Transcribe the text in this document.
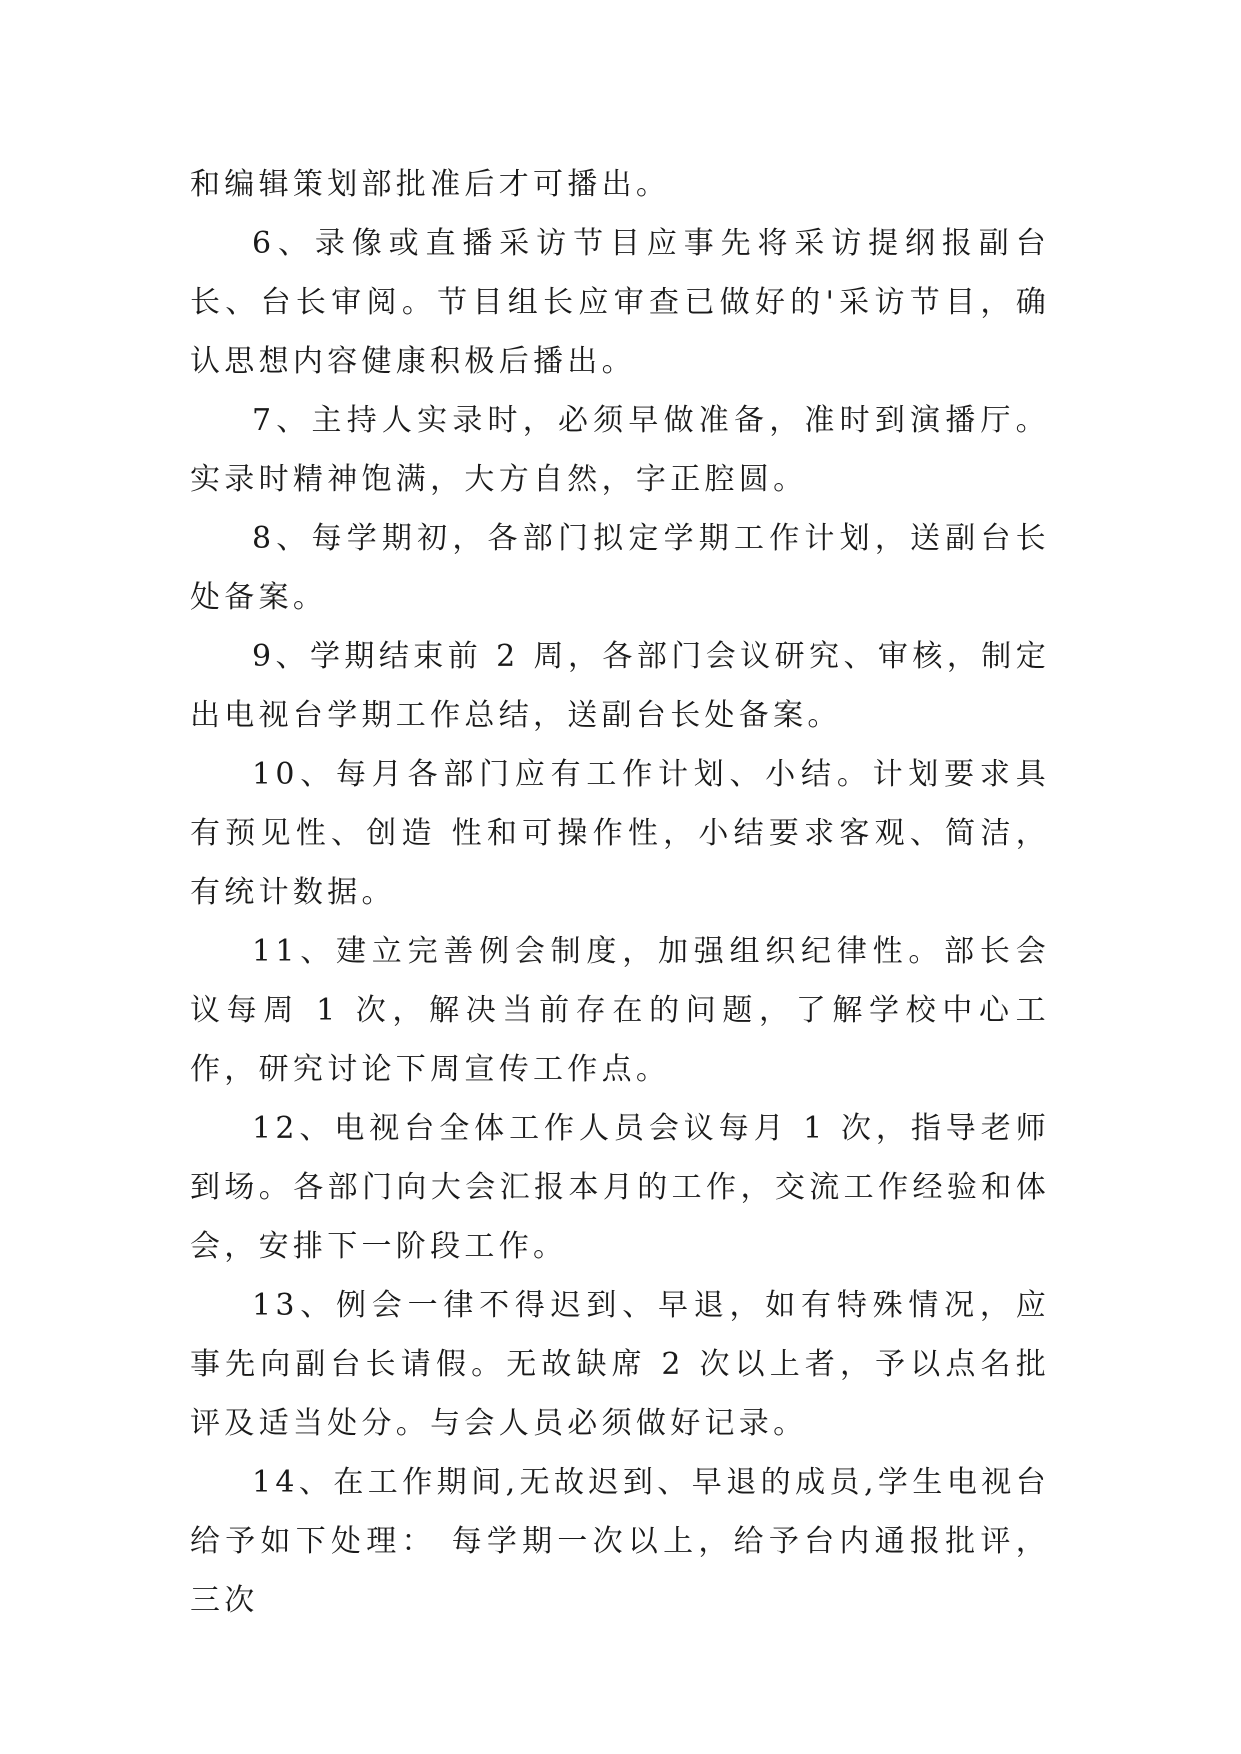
和编辑策划部批准后才可播出。

6、录像或直播采访节目应事先将采访提纲报副台长、台长审阅。节目组长应审查已做好的'采访节目，确认思想内容健康积极后播出。

7、主持人实录时，必须早做准备，准时到演播厅。实录时精神饱满，大方自然，字正腔圆。

8、每学期初，各部门拟定学期工作计划，送副台长处备案。

9、学期结束前 2 周，各部门会议研究、审核，制定出电视台学期工作总结，送副台长处备案。

10、每月各部门应有工作计划、小结。计划要求具有预见性、创造 性和可操作性，小结要求客观、简洁，有统计数据。

11、建立完善例会制度，加强组织纪律性。部长会议每周 1 次，解决当前存在的问题，了解学校中心工作，研究讨论下周宣传工作点。

12、电视台全体工作人员会议每月 1 次，指导老师到场。各部门向大会汇报本月的工作，交流工作经验和体会，安排下一阶段工作。

13、例会一律不得迟到、早退，如有特殊情况，应事先向副台长请假。无故缺席 2 次以上者，予以点名批评及适当处分。与会人员必须做好记录。

14、在工作期间,无故迟到、早退的成员,学生电视台给予如下处理： 每学期一次以上，给予台内通报批评，三次
